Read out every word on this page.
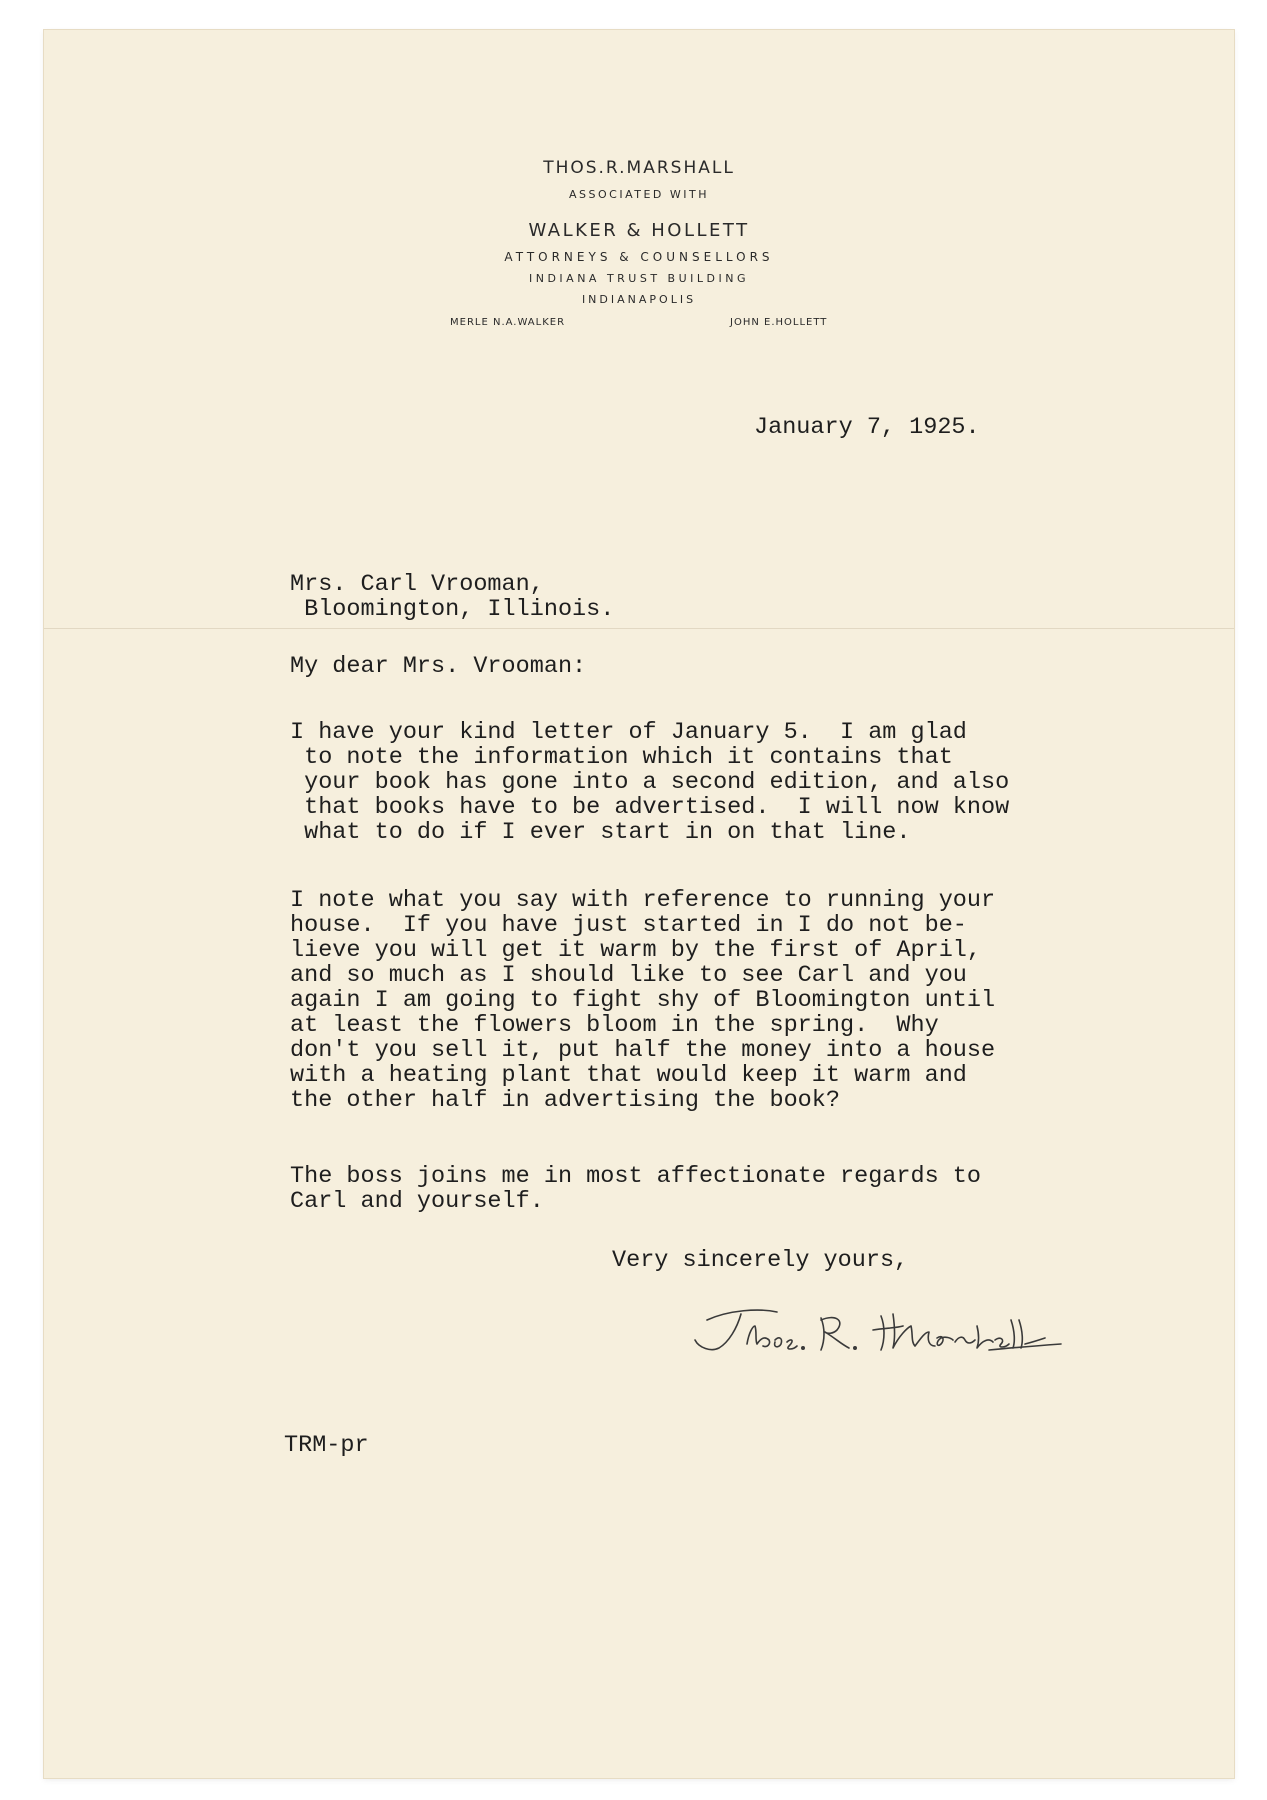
THOS.R.MARSHALL
ASSOCIATED WITH
WALKER & HOLLETT
ATTORNEYS & COUNSELLORS
INDIANA TRUST BUILDING
INDIANAPOLIS
MERLE N.A.WALKER	JOHN E.HOLLETT
January 7, 1925.
Mrs. Carl Vrooman,
Bloomington, Illinois.
My dear Mrs. Vrooman:
I have your kind letter of January 5.  I am glad
to note the information which it contains that
your book has gone into a second edition, and also
that books have to be advertised.  I will now know
what to do if I ever start in on that line.
I note what you say with reference to running your
house.  If you have just started in I do not be-
lieve you will get it warm by the first of April,
and so much as I should like to see Carl and you
again I am going to fight shy of Bloomington until
at least the flowers bloom in the spring.  Why
don't you sell it, put half the money into a house
with a heating plant that would keep it warm and
the other half in advertising the book?
The boss joins me in most affectionate regards to
Carl and yourself.
Very sincerely yours,
TRM-pr
